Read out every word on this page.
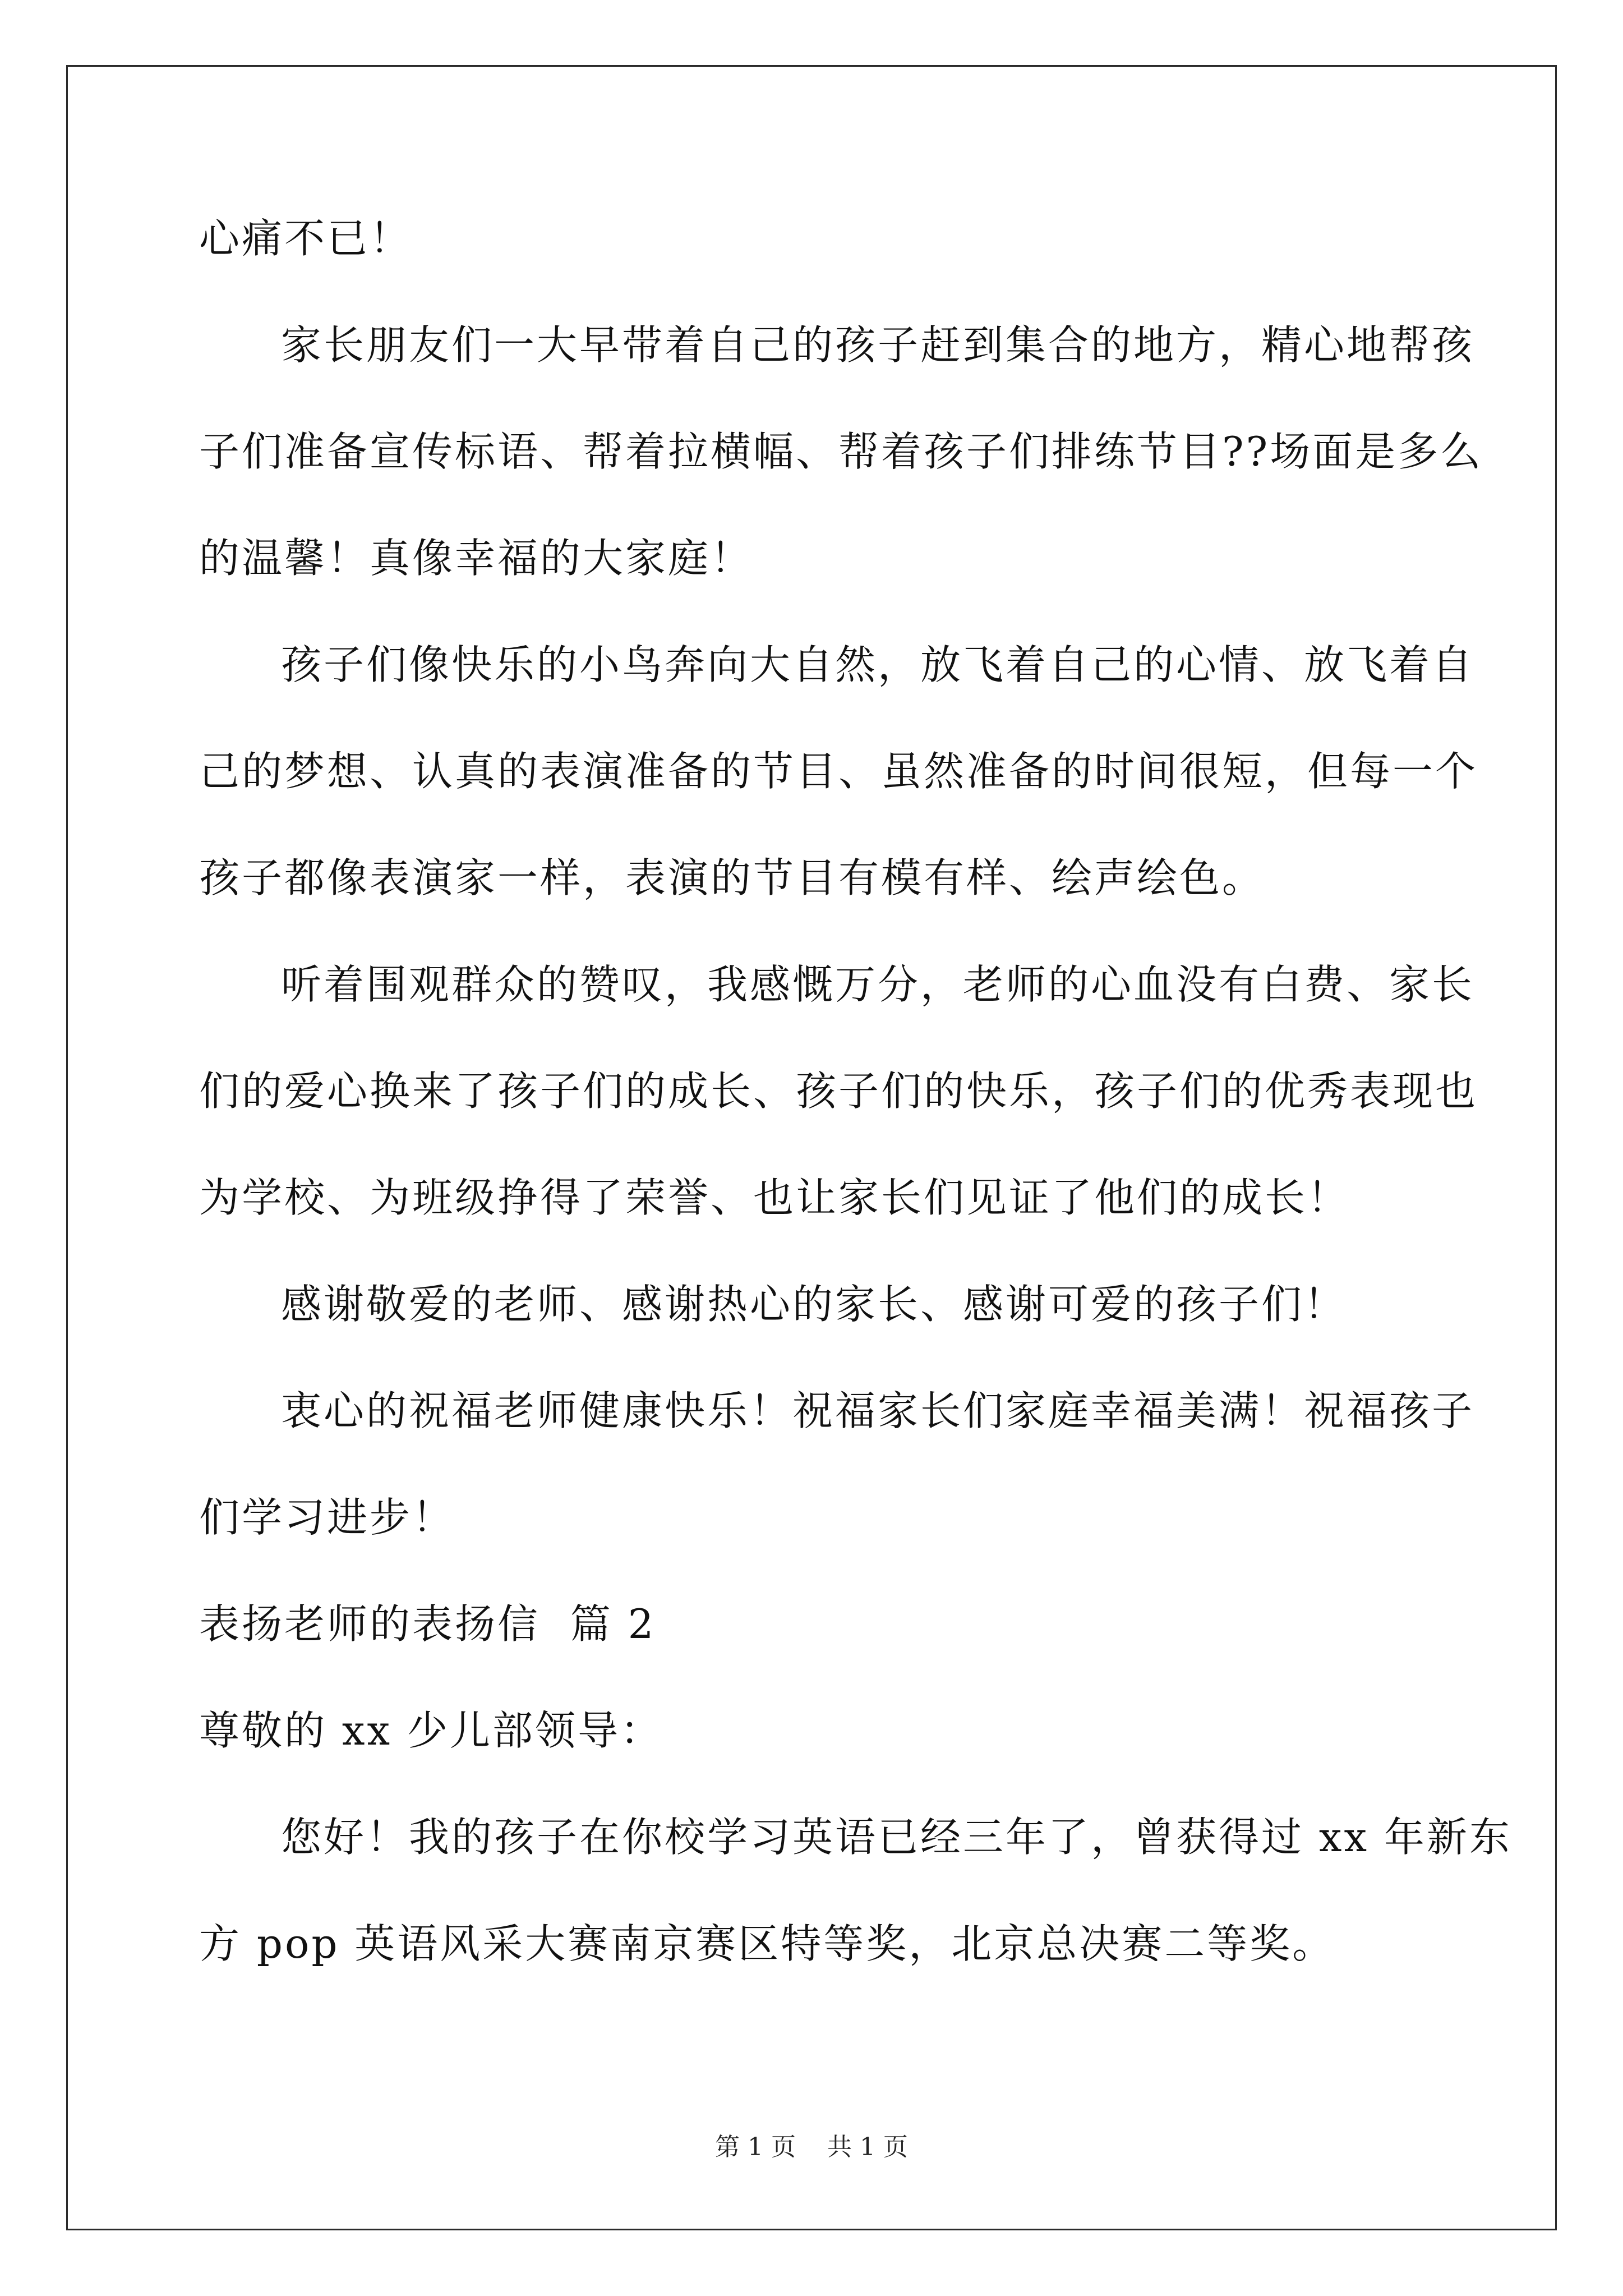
心痛不已！

家长朋友们一大早带着自己的孩子赶到集合的地方，精心地帮孩

子们准备宣传标语、帮着拉横幅、帮着孩子们排练节目??场面是多么

的温馨！真像幸福的大家庭！

孩子们像快乐的小鸟奔向大自然，放飞着自己的心情、放飞着自

己的梦想、认真的表演准备的节目、虽然准备的时间很短，但每一个

孩子都像表演家一样，表演的节目有模有样、绘声绘色。

听着围观群众的赞叹，我感慨万分，老师的心血没有白费、家长

们的爱心换来了孩子们的成长、孩子们的快乐，孩子们的优秀表现也

为学校、为班级挣得了荣誉、也让家长们见证了他们的成长！

感谢敬爱的老师、感谢热心的家长、感谢可爱的孩子们！

衷心的祝福老师健康快乐！祝福家长们家庭幸福美满！祝福孩子

们学习进步！

表扬老师的表扬信  篇 2

尊敬的 xx 少儿部领导：

您好！我的孩子在你校学习英语已经三年了，曾获得过 xx 年新东

方 pop 英语风采大赛南京赛区特等奖，北京总决赛二等奖。

第 1 页    共 1 页
